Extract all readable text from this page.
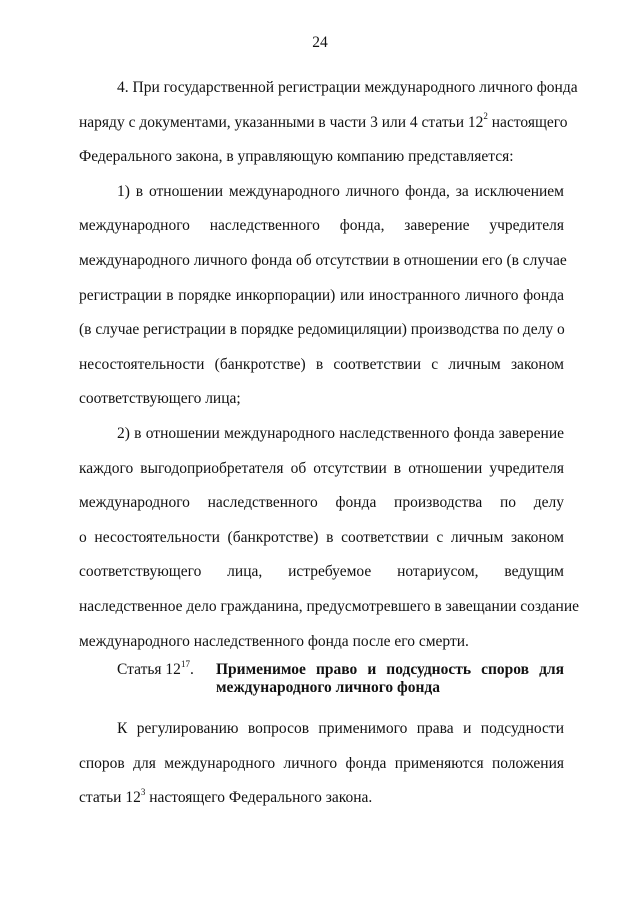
24

4. При государственной регистрации международного личного фонда
наряду с документами, указанными в части 3 или 4 статьи $12^2$ настоящего
Федерального закона, в управляющую компанию представляется:

1) в отношении международного личного фонда, за исключением
международного наследственного фонда, заверение учредителя
международного личного фонда об отсутствии в отношении его (в случае
регистрации в порядке инкорпорации) или иностранного личного фонда
(в случае регистрации в порядке редомициляции) производства по делу о
несостоятельности (банкротстве) в соответствии с личным законом
соответствующего лица;

2) в отношении международного наследственного фонда заверение
каждого выгодоприобретателя об отсутствии в отношении учредителя
международного наследственного фонда производства по делу
о несостоятельности (банкротстве) в соответствии с личным законом
соответствующего лица, истребуемое нотариусом, ведущим
наследственное дело гражданина, предусмотревшего в завещании создание
международного наследственного фонда после его смерти.

Статья $12^{17}$.	Применимое право и подсудность споров для
международного личного фонда

К регулированию вопросов применимого права и подсудности
споров для международного личного фонда применяются положения
статьи $12^3$ настоящего Федерального закона.
